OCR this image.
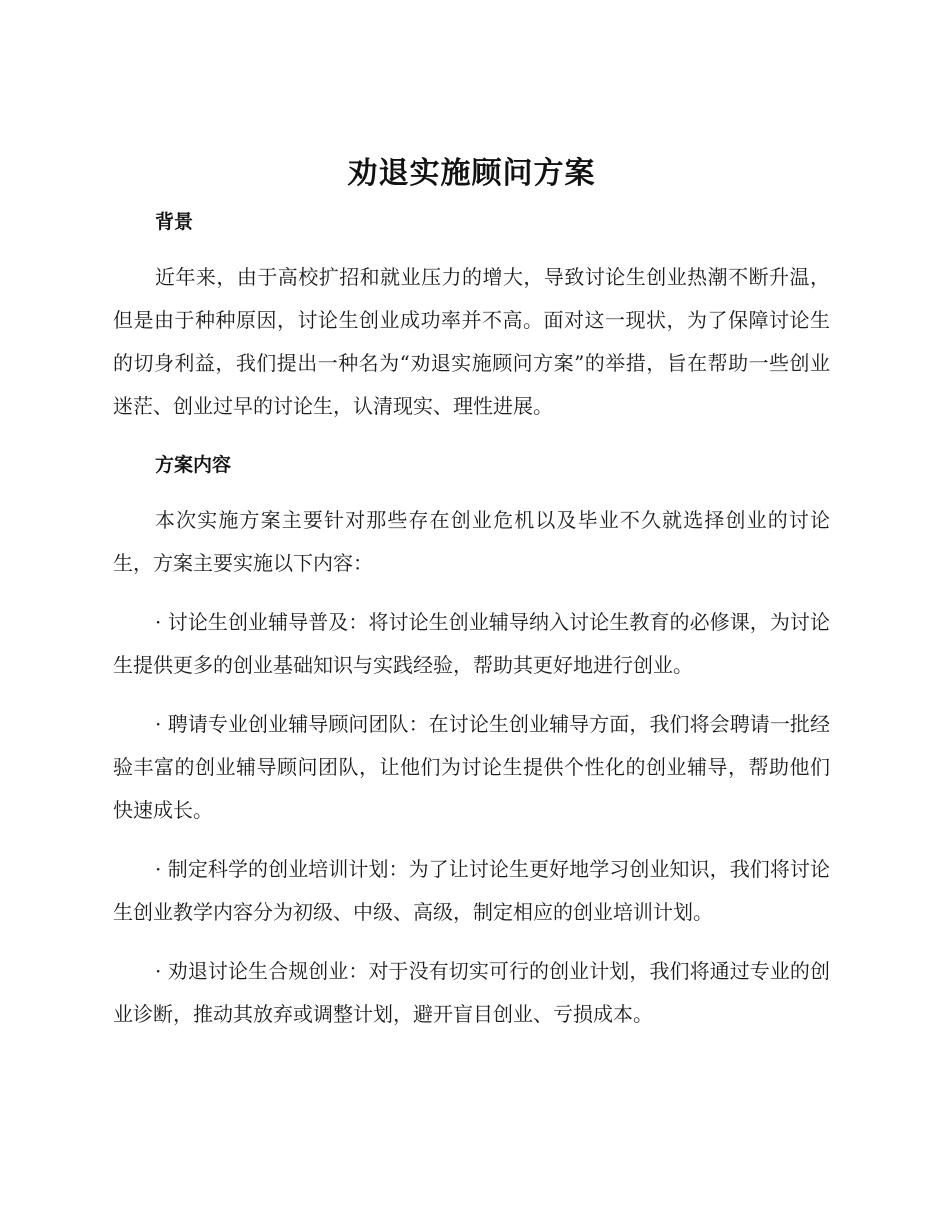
劝退实施顾问方案
背景

近年来，由于高校扩招和就业压力的增大，导致讨论生创业热潮不断升温，但是由于种种原因，讨论生创业成功率并不高。面对这一现状，为了保障讨论生的切身利益，我们提出一种名为“劝退实施顾问方案”的举措，旨在帮助一些创业迷茫、创业过早的讨论生，认清现实、理性进展。

方案内容

本次实施方案主要针对那些存在创业危机以及毕业不久就选择创业的讨论生，方案主要实施以下内容：

· 讨论生创业辅导普及：将讨论生创业辅导纳入讨论生教育的必修课，为讨论生提供更多的创业基础知识与实践经验，帮助其更好地进行创业。

· 聘请专业创业辅导顾问团队：在讨论生创业辅导方面，我们将会聘请一批经验丰富的创业辅导顾问团队，让他们为讨论生提供个性化的创业辅导，帮助他们快速成长。

· 制定科学的创业培训计划：为了让讨论生更好地学习创业知识，我们将讨论生创业教学内容分为初级、中级、高级，制定相应的创业培训计划。

· 劝退讨论生合规创业：对于没有切实可行的创业计划，我们将通过专业的创业诊断，推动其放弃或调整计划，避开盲目创业、亏损成本。
